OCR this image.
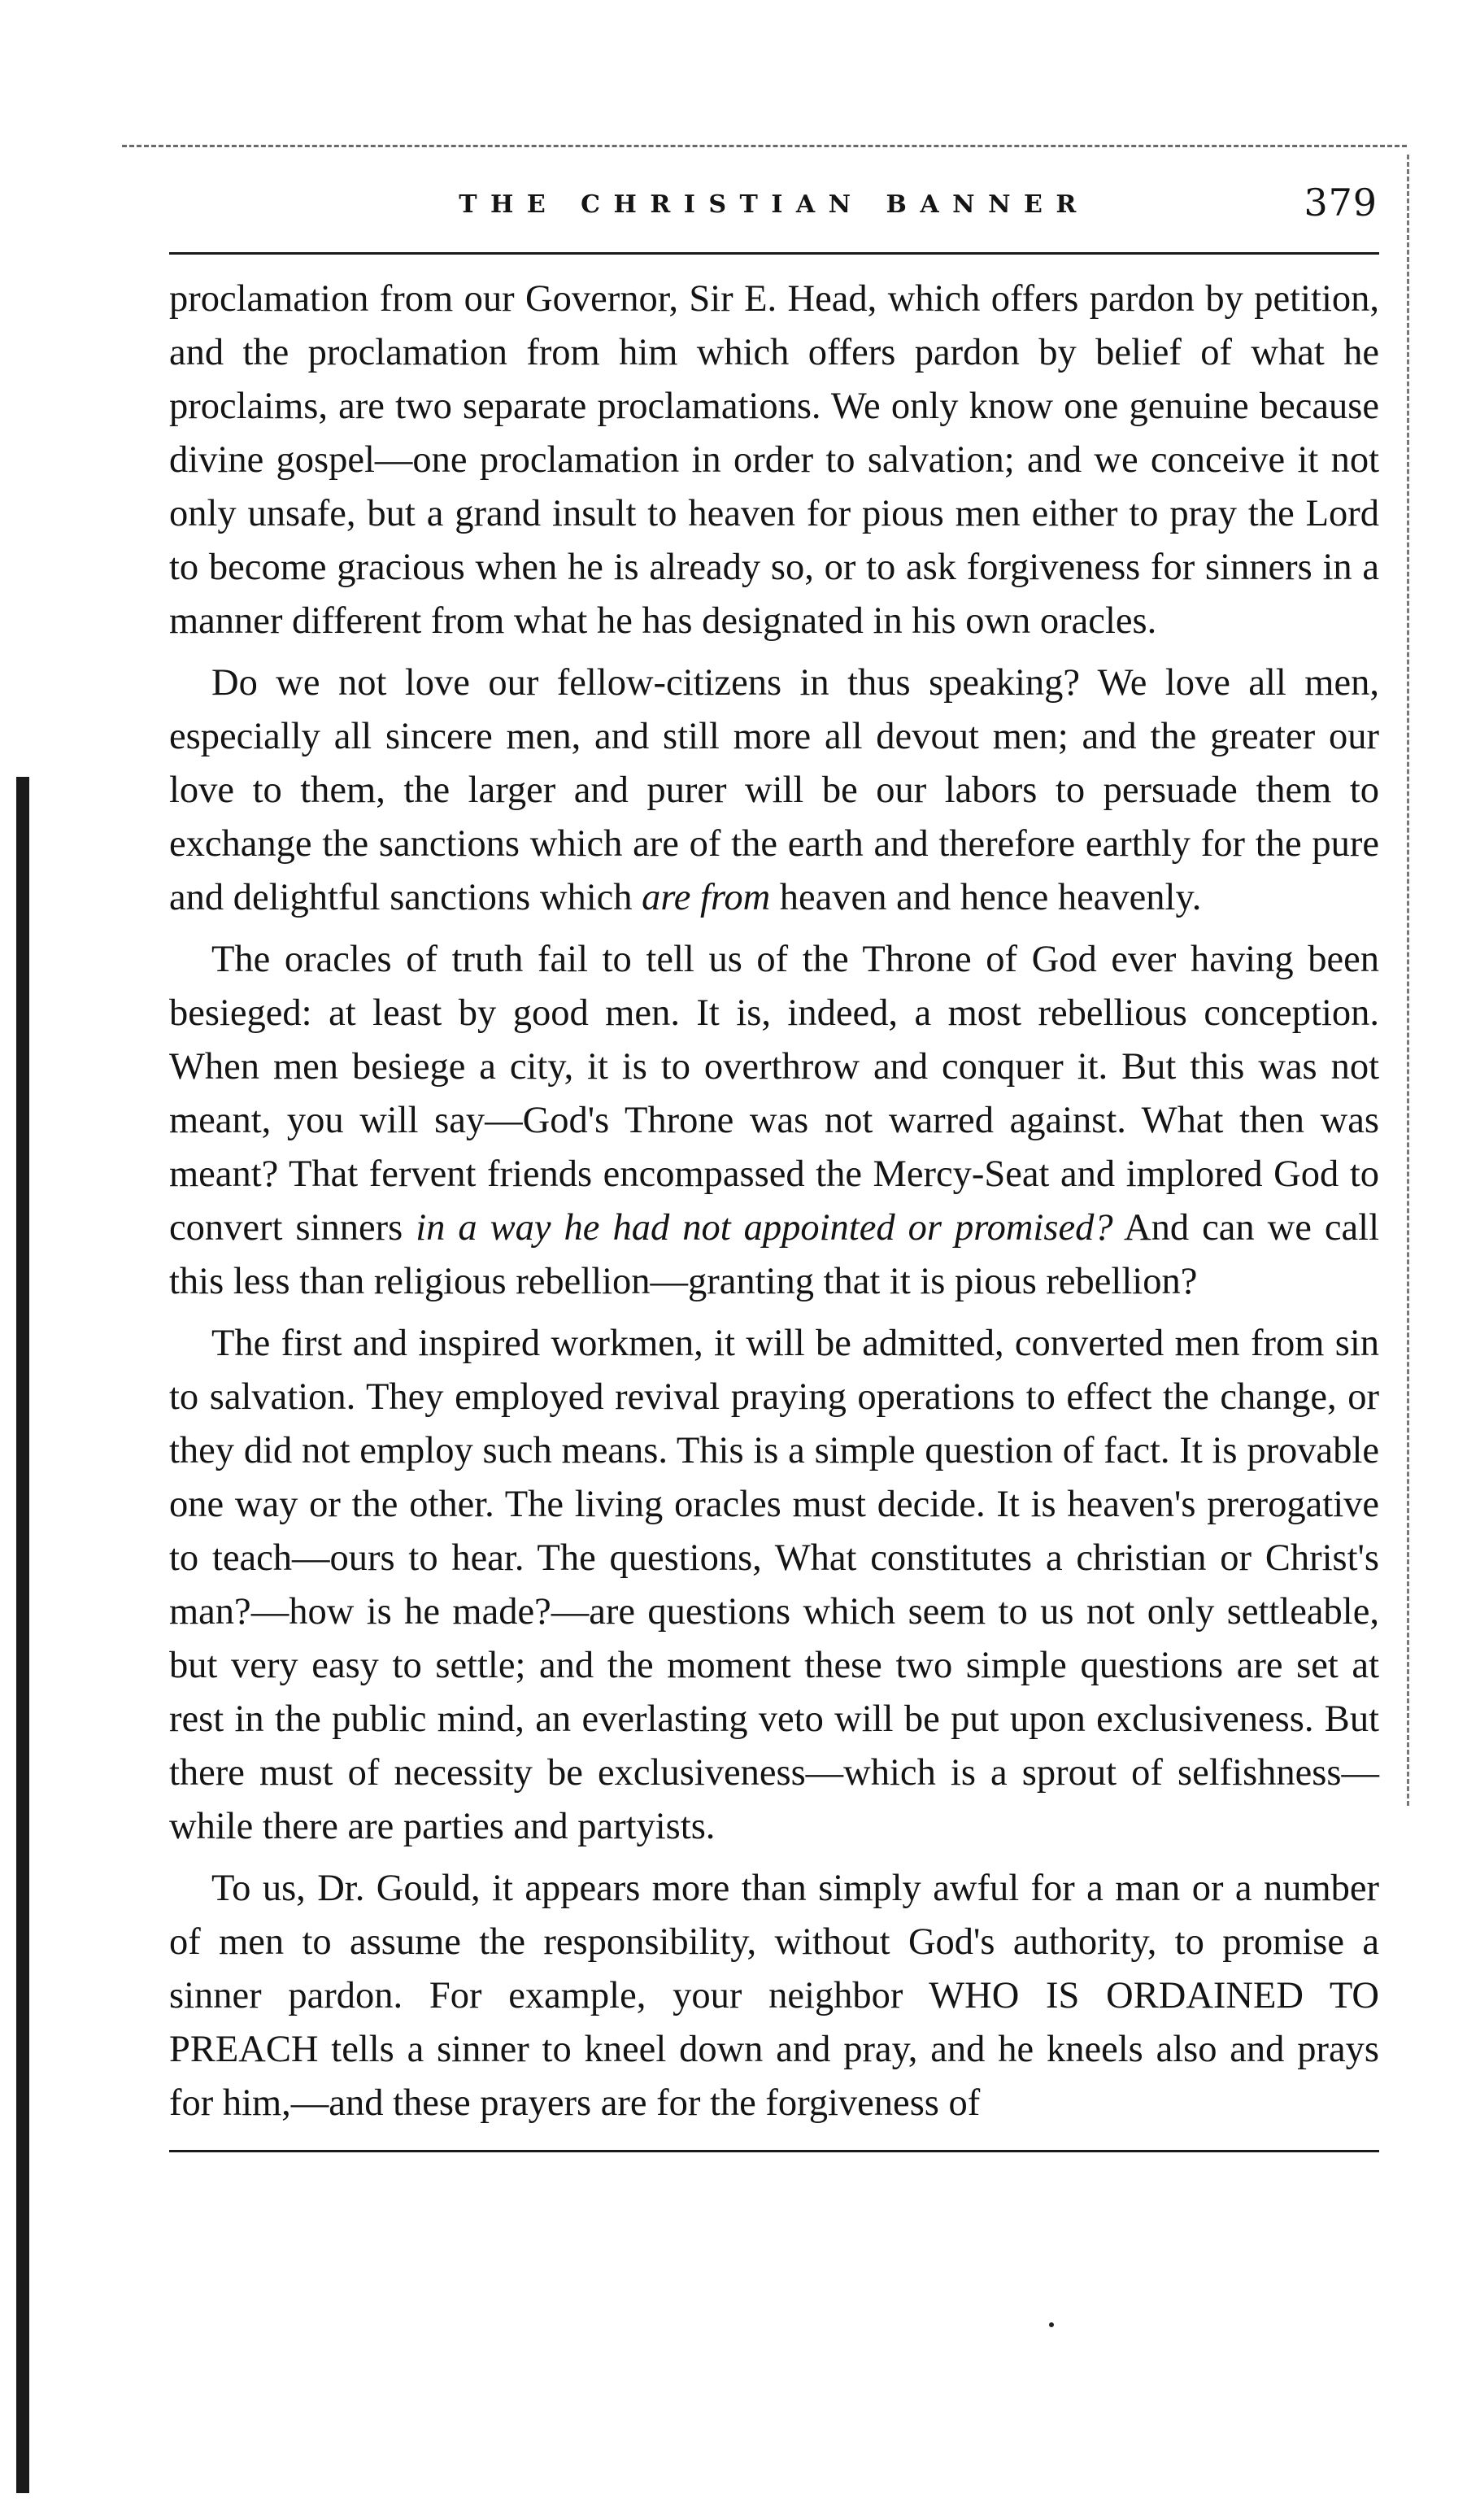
THE CHRISTIAN BANNER	379

proclamation from our Governor, Sir E. Head, which offers pardon by petition, and the proclamation from him which offers pardon by belief of what he proclaims, are two separate proclamations. We only know one genuine because divine gospel—one proclamation in order to salvation; and we conceive it not only unsafe, but a grand insult to heaven for pious men either to pray the Lord to become gracious when he is already so, or to ask forgiveness for sinners in a manner different from what he has designated in his own oracles.

Do we not love our fellow-citizens in thus speaking? We love all men, especially all sincere men, and still more all devout men; and the greater our love to them, the larger and purer will be our labors to persuade them to exchange the sanctions which are of the earth and therefore earthly for the pure and delightful sanctions which are from heaven and hence heavenly.

The oracles of truth fail to tell us of the Throne of God ever having been besieged: at least by good men. It is, indeed, a most rebellious conception. When men besiege a city, it is to overthrow and conquer it. But this was not meant, you will say—God's Throne was not warred against. What then was meant? That fervent friends encompassed the Mercy-Seat and implored God to convert sinners in a way he had not appointed or promised? And can we call this less than religious rebellion—granting that it is pious rebellion?

The first and inspired workmen, it will be admitted, converted men from sin to salvation. They employed revival praying operations to effect the change, or they did not employ such means. This is a simple question of fact. It is provable one way or the other. The living oracles must decide. It is heaven's prerogative to teach—ours to hear. The questions, What constitutes a christian or Christ's man?—how is he made?—are questions which seem to us not only settleable, but very easy to settle; and the moment these two simple questions are set at rest in the public mind, an everlasting veto will be put upon exclusiveness. But there must of necessity be exclusiveness—which is a sprout of selfishness—while there are parties and partyists.

To us, Dr. Gould, it appears more than simply awful for a man or a number of men to assume the responsibility, without God's authority, to promise a sinner pardon. For example, your neighbor WHO IS ORDAINED TO PREACH tells a sinner to kneel down and pray, and he kneels also and prays for him,—and these prayers are for the forgiveness of
